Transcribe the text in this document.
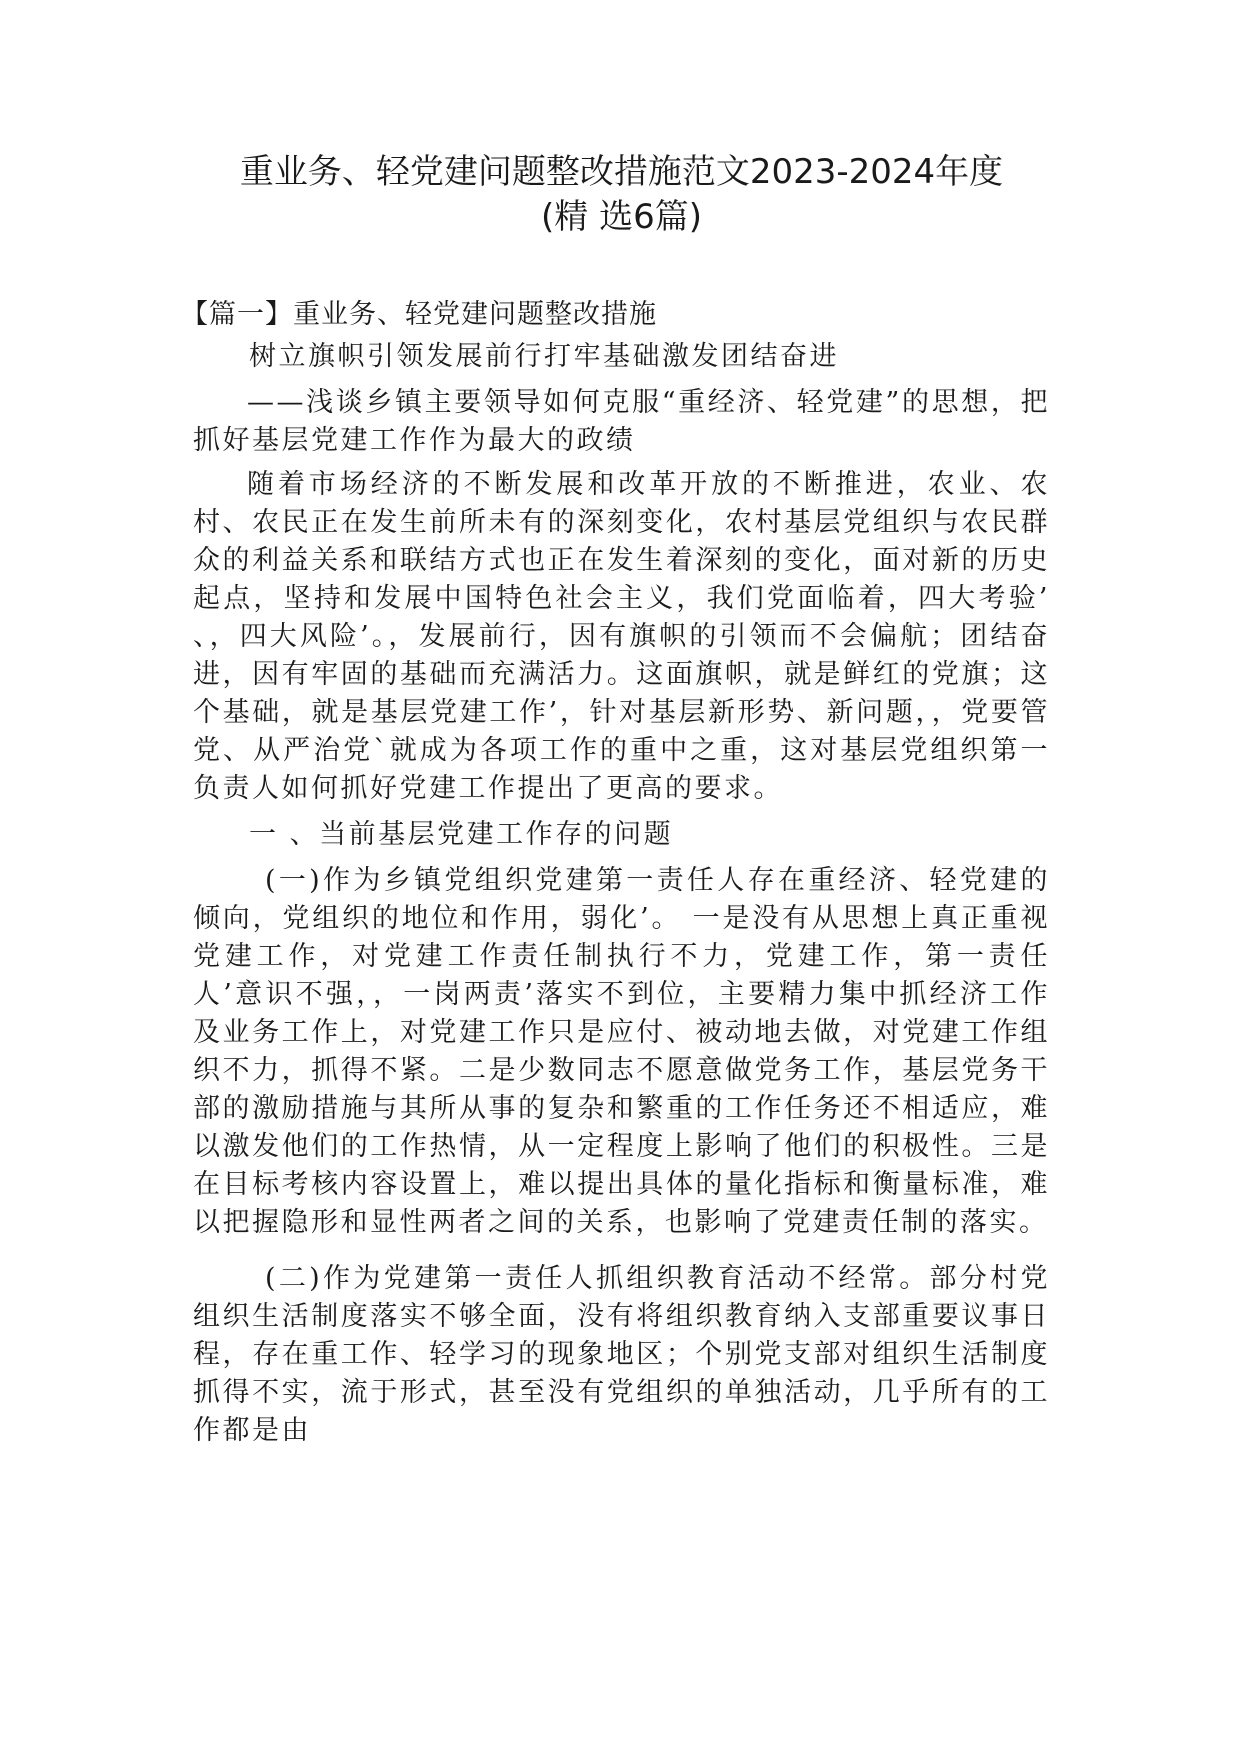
重业务、轻党建问题整改措施范文2023-2024年度
(精 选6篇)
【篇一】重业务、轻党建问题整改措施
树立旗帜引领发展前行打牢基础激发团结奋进

——浅谈乡镇主要领导如何克服“重经济、轻党建”的思想，把抓好基层党建工作作为最大的政绩

随着市场经济的不断发展和改革开放的不断推进，农业、农村、农民正在发生前所未有的深刻变化，农村基层党组织与农民群众的利益关系和联结方式也正在发生着深刻的变化，面对新的历史起点，坚持和发展中国特色社会主义，我们党面临着，四大考验’ 、，四大风险’。，发展前行，因有旗帜的引领而不会偏航；团结奋进，因有牢固的基础而充满活力。这面旗帜，就是鲜红的党旗；这个基础，就是基层党建工作’，针对基层新形势、新问题，，党要管党、从严治党`就成为各项工作的重中之重，这对基层党组织第一负责人如何抓好党建工作提出了更高的要求。

一 、当前基层党建工作存的问题

(一)作为乡镇党组织党建第一责任人存在重经济、轻党建的倾向，党组织的地位和作用，弱化’。 一是没有从思想上真正重视党建工作，对党建工作责任制执行不力，党建工作，第一责任人’意识不强，，一岗两责’落实不到位，主要精力集中抓经济工作及业务工作上，对党建工作只是应付、被动地去做，对党建工作组织不力，抓得不紧。二是少数同志不愿意做党务工作，基层党务干部的激励措施与其所从事的复杂和繁重的工作任务还不相适应，难以激发他们的工作热情，从一定程度上影响了他们的积极性。三是在目标考核内容设置上，难以提出具体的量化指标和衡量标准，难以把握隐形和显性两者之间的关系，也影响了党建责任制的落实。

(二)作为党建第一责任人抓组织教育活动不经常。部分村党组织生活制度落实不够全面，没有将组织教育纳入支部重要议事日程，存在重工作、轻学习的现象地区；个别党支部对组织生活制度抓得不实，流于形式，甚至没有党组织的单独活动，几乎所有的工作都是由
